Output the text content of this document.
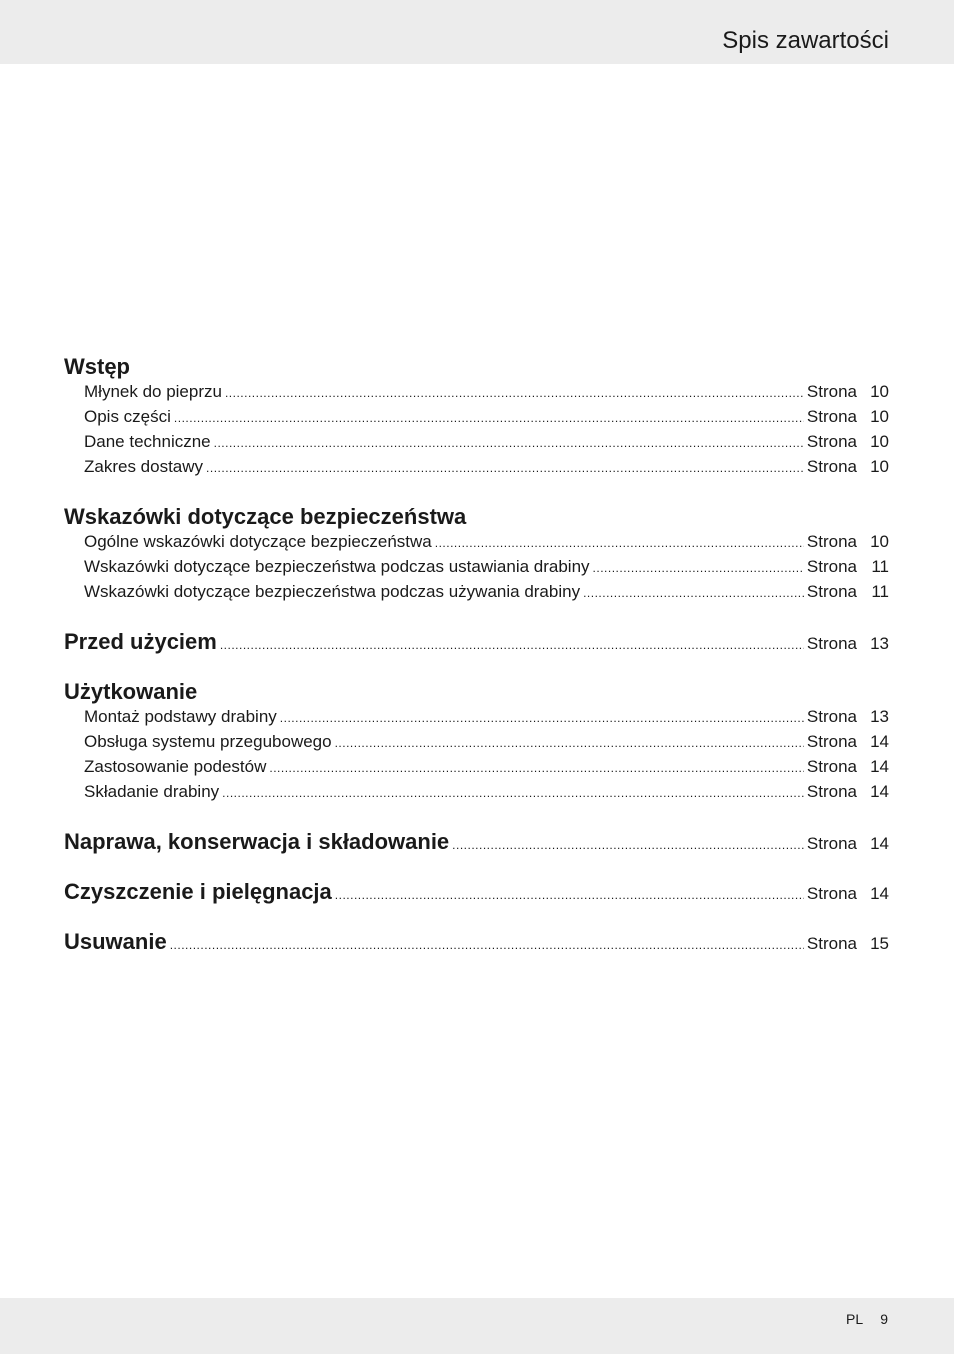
Spis zawartości
Wstęp
Młynek do pieprzu .....	Strona 10
Opis części .....	Strona 10
Dane techniczne .....	Strona 10
Zakres dostawy .....	Strona 10
Wskazówki dotyczące bezpieczeństwa
Ogólne wskazówki dotyczące bezpieczeństwa .....	Strona 10
Wskazówki dotyczące bezpieczeństwa podczas ustawiania drabiny .....	Strona 11
Wskazówki dotyczące bezpieczeństwa podczas używania drabiny .....	Strona 11
Przed użyciem .....	Strona 13
Użytkowanie
Montaż podstawy drabiny .....	Strona 13
Obsługa systemu przegubowego .....	Strona 14
Zastosowanie podestów .....	Strona 14
Składanie drabiny .....	Strona 14
Naprawa, konserwacja i składowanie .....	Strona 14
Czyszczenie i pielęgnacja .....	Strona 14
Usuwanie .....	Strona 15
PL 9
